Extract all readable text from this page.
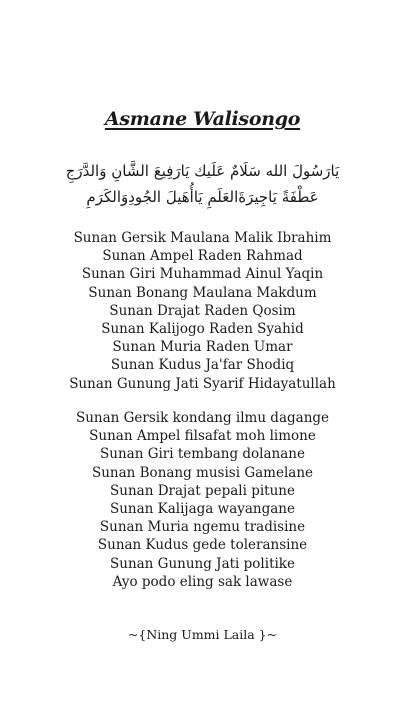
Asmane Walisongo
يَارَسُولَ الله سَلَامٌ عَلَيك يَارَفِيعَ الشَّانِ وَالدَّرَجِ
عَطْفَةً يَاجِيرَةَالعَلَمِ يَاأُهَيلَ الجُودِوَالكَرَمِ
Sunan Gersik Maulana Malik Ibrahim
Sunan Ampel Raden Rahmad
Sunan Giri Muhammad Ainul Yaqin
Sunan Bonang Maulana Makdum
Sunan Drajat Raden Qosim
Sunan Kalijogo Raden Syahid
Sunan Muria Raden Umar
Sunan Kudus Ja'far Shodiq
Sunan Gunung Jati Syarif Hidayatullah
Sunan Gersik kondang ilmu dagange
Sunan Ampel filsafat moh limone
Sunan Giri tembang dolanane
Sunan Bonang musisi Gamelane
Sunan Drajat pepali pitune
Sunan Kalijaga wayangane
Sunan Muria ngemu tradisine
Sunan Kudus gede toleransine
Sunan Gunung Jati politike
Ayo podo eling sak lawase
~{Ning Ummi Laila }~
